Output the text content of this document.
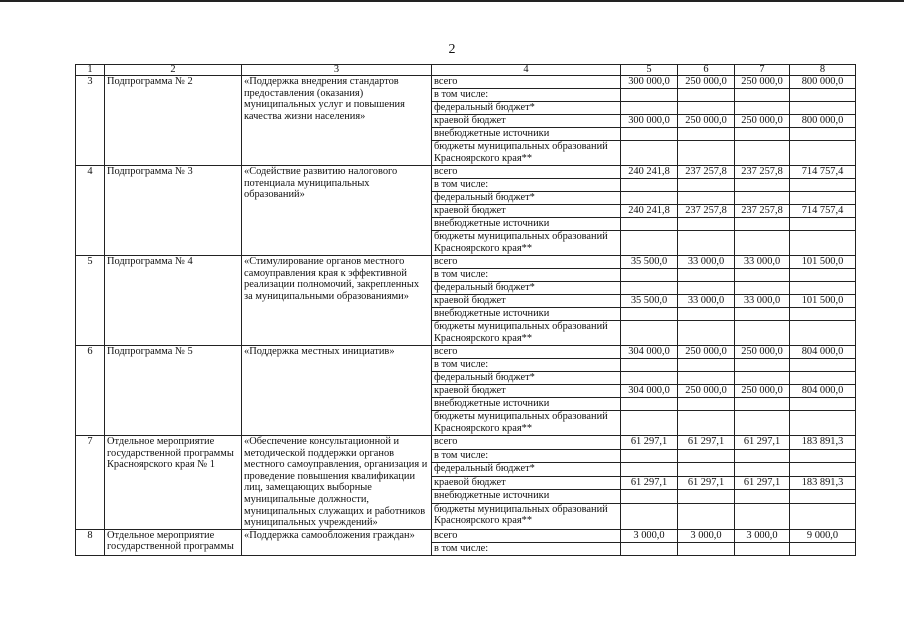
2
1	2	3	4	5	6	7	8
3	Подпрограмма № 2	«Поддержка внедрения стандартов предоставления (оказания) муниципальных услуг и повышения качества жизни населения»	всего	300 000,0	250 000,0	250 000,0	800 000,0
			в том числе:				
			федеральный бюджет*				
			краевой бюджет	300 000,0	250 000,0	250 000,0	800 000,0
			внебюджетные источники				
			бюджеты муниципальных образований Красноярского края**				
4	Подпрограмма № 3	«Содействие развитию налогового потенциала муниципальных образований»	всего	240 241,8	237 257,8	237 257,8	714 757,4
			в том числе:				
			федеральный бюджет*				
			краевой бюджет	240 241,8	237 257,8	237 257,8	714 757,4
			внебюджетные источники				
			бюджеты муниципальных образований Красноярского края**				
5	Подпрограмма № 4	«Стимулирование органов местного самоуправления края к эффективной реализации полномочий, закрепленных за муниципальными образованиями»	всего	35 500,0	33 000,0	33 000,0	101 500,0
			в том числе:				
			федеральный бюджет*				
			краевой бюджет	35 500,0	33 000,0	33 000,0	101 500,0
			внебюджетные источники				
			бюджеты муниципальных образований Красноярского края**				
6	Подпрограмма № 5	«Поддержка местных инициатив»	всего	304 000,0	250 000,0	250 000,0	804 000,0
			в том числе:				
			федеральный бюджет*				
			краевой бюджет	304 000,0	250 000,0	250 000,0	804 000,0
			внебюджетные источники				
			бюджеты муниципальных образований Красноярского края**				
7	Отдельное мероприятие государственной программы Красноярского края № 1	«Обеспечение консультационной и методической поддержки органов местного самоуправления, организация и проведение повышения квалификации лиц, замещающих выборные муниципальные должности, муниципальных служащих и работников муниципальных учреждений»	всего	61 297,1	61 297,1	61 297,1	183 891,3
			в том числе:				
			федеральный бюджет*				
			краевой бюджет	61 297,1	61 297,1	61 297,1	183 891,3
			внебюджетные источники				
			бюджеты муниципальных образований Красноярского края**				
8	Отдельное мероприятие государственной программы	«Поддержка самообложения граждан»	всего	3 000,0	3 000,0	3 000,0	9 000,0
			в том числе:				
